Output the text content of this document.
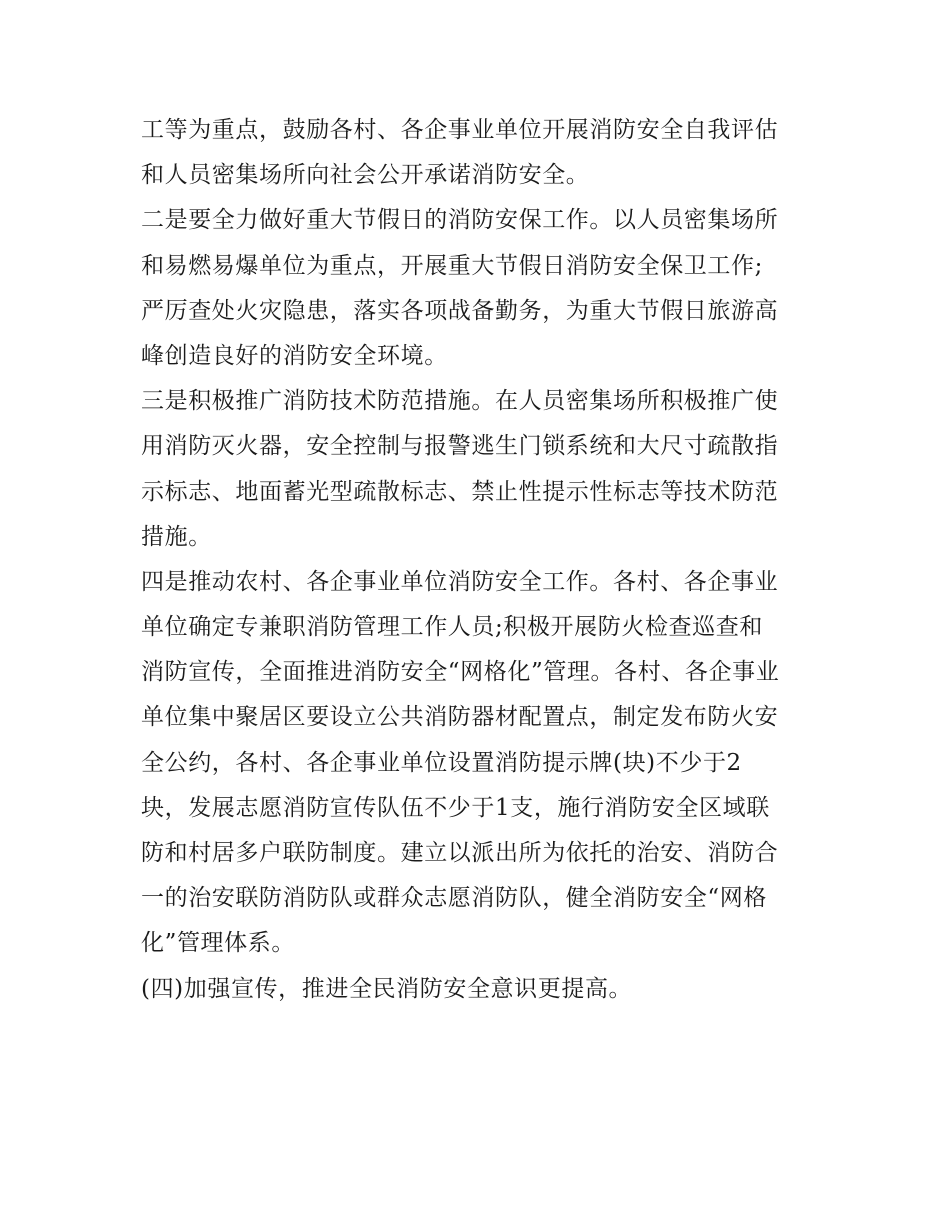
工等为重点，鼓励各村、各企事业单位开展消防安全自我评估
和人员密集场所向社会公开承诺消防安全。
二是要全力做好重大节假日的消防安保工作。以人员密集场所
和易燃易爆单位为重点，开展重大节假日消防安全保卫工作;
严厉查处火灾隐患，落实各项战备勤务，为重大节假日旅游高
峰创造良好的消防安全环境。
三是积极推广消防技术防范措施。在人员密集场所积极推广使
用消防灭火器，安全控制与报警逃生门锁系统和大尺寸疏散指
示标志、地面蓄光型疏散标志、禁止性提示性标志等技术防范
措施。
四是推动农村、各企事业单位消防安全工作。各村、各企事业
单位确定专兼职消防管理工作人员;积极开展防火检查巡查和
消防宣传，全面推进消防安全“网格化”管理。各村、各企事业
单位集中聚居区要设立公共消防器材配置点，制定发布防火安
全公约，各村、各企事业单位设置消防提示牌(块)不少于2
块，发展志愿消防宣传队伍不少于1支，施行消防安全区域联
防和村居多户联防制度。建立以派出所为依托的治安、消防合
一的治安联防消防队或群众志愿消防队，健全消防安全“网格
化”管理体系。
(四)加强宣传，推进全民消防安全意识更提高。
